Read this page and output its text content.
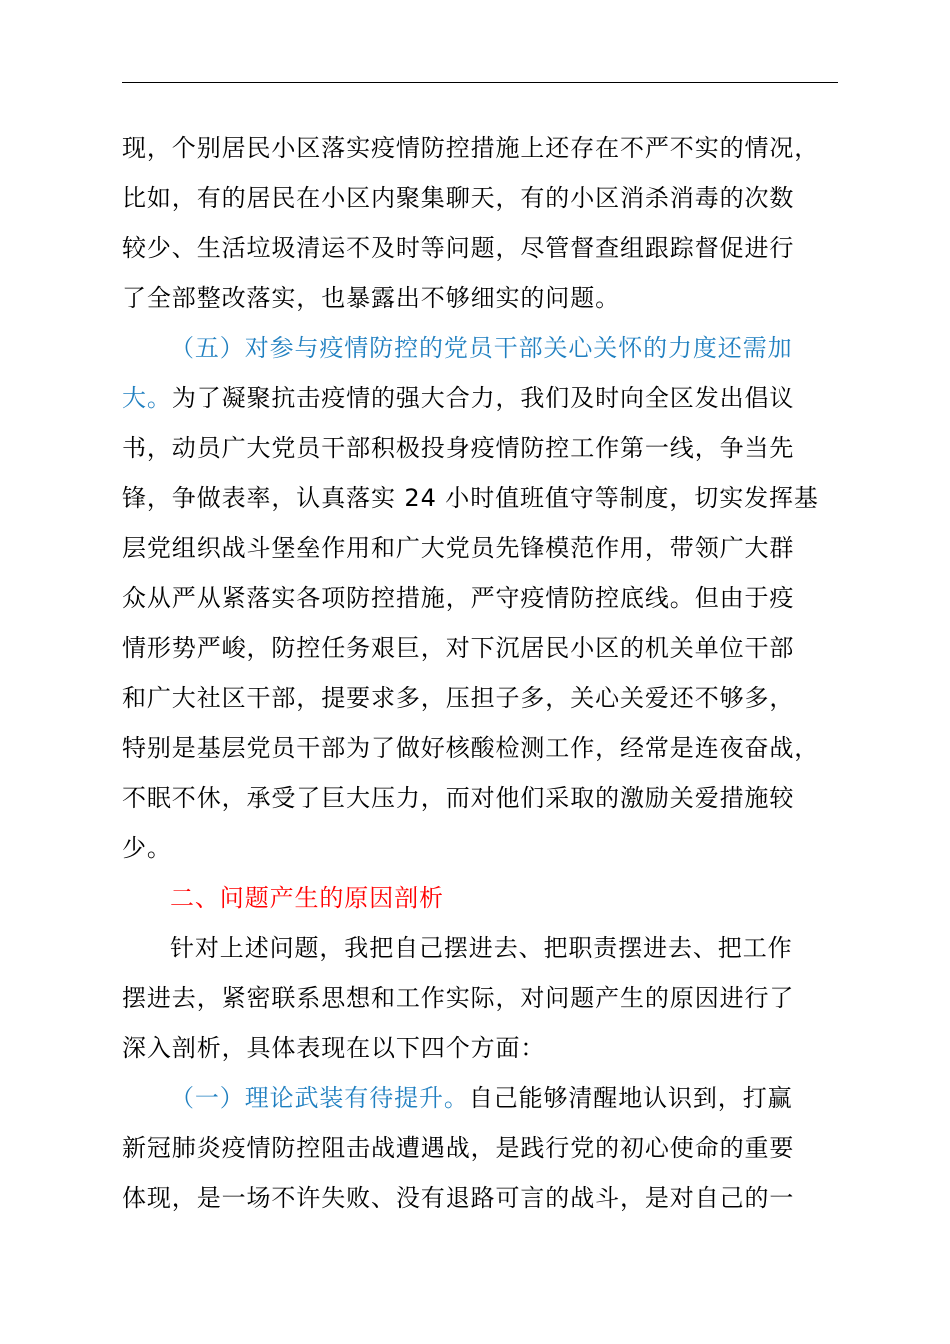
现，个别居民小区落实疫情防控措施上还存在不严不实的情况，
比如，有的居民在小区内聚集聊天，有的小区消杀消毒的次数
较少、生活垃圾清运不及时等问题，尽管督查组跟踪督促进行
了全部整改落实，也暴露出不够细实的问题。
（五）对参与疫情防控的党员干部关心关怀的力度还需加
大。为了凝聚抗击疫情的强大合力，我们及时向全区发出倡议
书，动员广大党员干部积极投身疫情防控工作第一线，争当先
锋，争做表率，认真落实 24 小时值班值守等制度，切实发挥基
层党组织战斗堡垒作用和广大党员先锋模范作用，带领广大群
众从严从紧落实各项防控措施，严守疫情防控底线。但由于疫
情形势严峻，防控任务艰巨，对下沉居民小区的机关单位干部
和广大社区干部，提要求多，压担子多，关心关爱还不够多，
特别是基层党员干部为了做好核酸检测工作，经常是连夜奋战，
不眠不休，承受了巨大压力，而对他们采取的激励关爱措施较
少。
二、问题产生的原因剖析
针对上述问题，我把自己摆进去、把职责摆进去、把工作
摆进去，紧密联系思想和工作实际，对问题产生的原因进行了
深入剖析，具体表现在以下四个方面：
（一）理论武装有待提升。自己能够清醒地认识到，打赢
新冠肺炎疫情防控阻击战遭遇战，是践行党的初心使命的重要
体现，是一场不许失败、没有退路可言的战斗，是对自己的一
